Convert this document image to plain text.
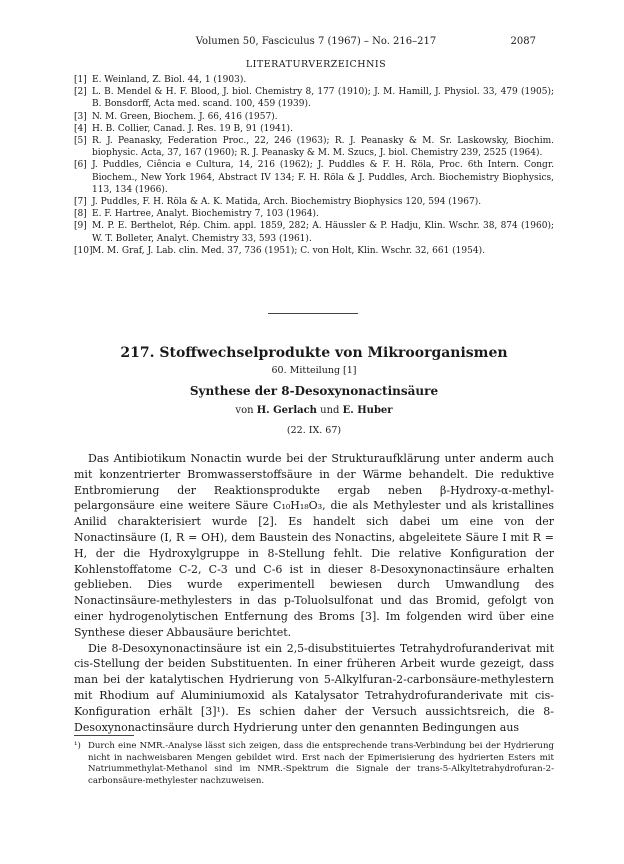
Volumen 50, Fasciculus 7 (1967) – No. 216–217	2087
LITERATURVERZEICHNIS
[1] E. Weinland, Z. Biol. 44, 1 (1903).
[2] L. B. Mendel & H. F. Blood, J. biol. Chemistry 8, 177 (1910); J. M. Hamill, J. Physiol. 33, 479 (1905); B. Bonsdorff, Acta med. scand. 100, 459 (1939).
[3] N. M. Green, Biochem. J. 66, 416 (1957).
[4] H. B. Collier, Canad. J. Res. 19 B, 91 (1941).
[5] R. J. Peanasky, Federation Proc., 22, 246 (1963); R. J. Peanasky & M. Sr. Laskowsky, Biochim. biophysic. Acta, 37, 167 (1960); R. J. Peanasky & M. M. Szucs, J. biol. Chemistry 239, 2525 (1964).
[6] J. Puddles, Ciência e Cultura, 14, 216 (1962); J. Puddles & F. H. Röla, Proc. 6th Intern. Congr. Biochem., New York 1964, Abstract IV 134; F. H. Röla & J. Puddles, Arch. Biochemistry Biophysics, 113, 134 (1966).
[7] J. Puddles, F. H. Röla & A. K. Matida, Arch. Biochemistry Biophysics 120, 594 (1967).
[8] E. F. Hartree, Analyt. Biochemistry 7, 103 (1964).
[9] M. P. E. Berthelot, Rép. Chim. appl. 1859, 282; A. Häussler & P. Hadju, Klin. Wschr. 38, 874 (1960); W. T. Bolleter, Analyt. Chemistry 33, 593 (1961).
[10] M. M. Graf, J. Lab. clin. Med. 37, 736 (1951); C. von Holt, Klin. Wschr. 32, 661 (1954).
217. Stoffwechselprodukte von Mikroorganismen
60. Mitteilung [1]
Synthese der 8-Desoxynonactinsäure
von H. Gerlach und E. Huber
(22. IX. 67)

Das Antibiotikum Nonactin wurde bei der Strukturaufklärung unter anderm auch mit konzentrierter Bromwasserstoffsäure in der Wärme behandelt. Die reduktive Entbromierung der Reaktionsprodukte ergab neben β-Hydroxy-α-methyl-pelargonsäure eine weitere Säure C₁₀H₁₈O₃, die als Methylester und als kristallines Anilid charakterisiert wurde [2]. Es handelt sich dabei um eine von der Nonactinsäure (I, R = OH), dem Baustein des Nonactins, abgeleitete Säure I mit R = H, der die Hydroxylgruppe in 8-Stellung fehlt. Die relative Konfiguration der Kohlenstoffatome C-2, C-3 und C-6 ist in dieser 8-Desoxynonactinsäure erhalten geblieben. Dies wurde experimentell bewiesen durch Umwandlung des Nonactinsäure-methylesters in das p-Toluolsulfonat und das Bromid, gefolgt von einer hydrogenolytischen Entfernung des Broms [3]. Im folgenden wird über eine Synthese dieser Abbausäure berichtet.

Die 8-Desoxynonactinsäure ist ein 2,5-disubstituiertes Tetrahydrofuranderivat mit cis-Stellung der beiden Substituenten. In einer früheren Arbeit wurde gezeigt, dass man bei der katalytischen Hydrierung von 5-Alkylfuran-2-carbonsäure-methylestern mit Rhodium auf Aluminiumoxid als Katalysator Tetrahydrofuranderivate mit cis-Konfiguration erhält [3]¹). Es schien daher der Versuch aussichtsreich, die 8-Desoxynonactinsäure durch Hydrierung unter den genannten Bedingungen aus

¹) Durch eine NMR.-Analyse lässt sich zeigen, dass die entsprechende trans-Verbindung bei der Hydrierung nicht in nachweisbaren Mengen gebildet wird. Erst nach der Epimerisierung des hydrierten Esters mit Natriummethylat-Methanol sind im NMR.-Spektrum die Signale der trans-5-Alkyltetrahydrofuran-2-carbonsäure-methylester nachzuweisen.
